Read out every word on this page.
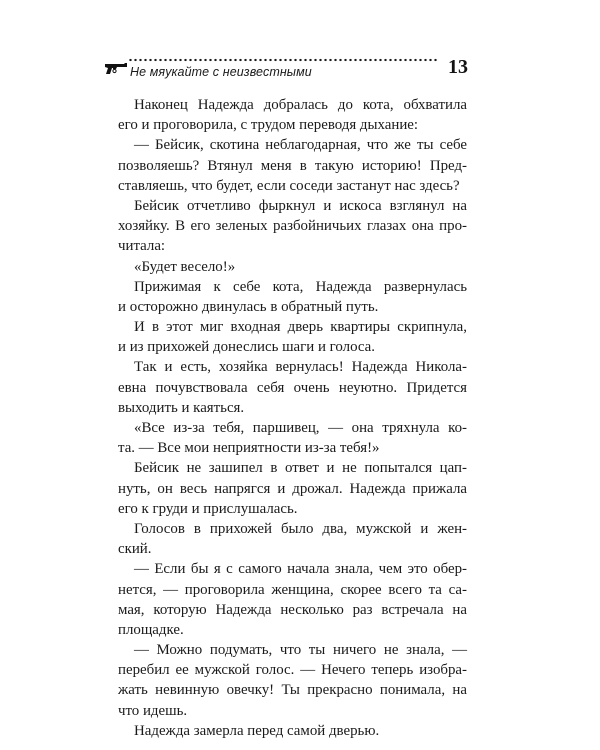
Не мяукайте с неизвестными	13

Наконец Надежда добралась до кота, обхватила
его и проговорила, с трудом переводя дыхание:

— Бейсик, скотина неблагодарная, что же ты себе
позволяешь? Втянул меня в такую историю! Пред-
ставляешь, что будет, если соседи застанут нас здесь?

Бейсик отчетливо фыркнул и искоса взглянул на
хозяйку. В его зеленых разбойничьих глазах она про-
читала:

«Будет весело!»

Прижимая к себе кота, Надежда развернулась
и осторожно двинулась в обратный путь.

И в этот миг входная дверь квартиры скрипнула,
и из прихожей донеслись шаги и голоса.

Так и есть, хозяйка вернулась! Надежда Никола-
евна почувствовала себя очень неуютно. Придется
выходить и каяться.

«Все из-за тебя, паршивец, — она тряхнула ко-
та. — Все мои неприятности из-за тебя!»

Бейсик не зашипел в ответ и не попытался цап-
нуть, он весь напрягся и дрожал. Надежда прижала
его к груди и прислушалась.

Голосов в прихожей было два, мужской и жен-
ский.

— Если бы я с самого начала знала, чем это обер-
нется, — проговорила женщина, скорее всего та са-
мая, которую Надежда несколько раз встречала на
площадке.

— Можно подумать, что ты ничего не знала, —
перебил ее мужской голос. — Нечего теперь изобра-
жать невинную овечку! Ты прекрасно понимала, на
что идешь.

Надежда замерла перед самой дверью.
